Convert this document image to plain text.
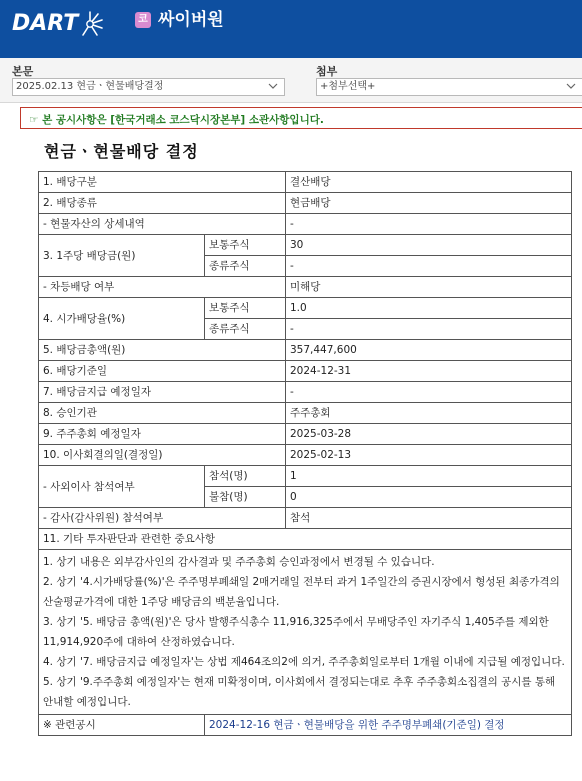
DART	코 싸이버원
본문
2025.02.13 현금ㆍ현물배당결정
첨부
+첨부선택+
☞ 본 공시사항은 [한국거래소 코스닥시장본부] 소관사항입니다.
현금ㆍ현물배당 결정
1. 배당구분		결산배당
2. 배당종류		현금배당
- 현물자산의 상세내역		-
3. 1주당 배당금(원)	보통주식	30
	종류주식	-
- 차등배당 여부		미해당
4. 시가배당율(%)	보통주식	1.0
	종류주식	-
5. 배당금총액(원)		357,447,600
6. 배당기준일		2024-12-31
7. 배당금지급 예정일자		-
8. 승인기관		주주총회
9. 주주총회 예정일자		2025-03-28
10. 이사회결의일(결정일)		2025-02-13
- 사외이사 참석여부	참석(명)	1
	불참(명)	0
- 감사(감사위원) 참석여부		참석
11. 기타 투자판단과 관련한 중요사항		

1. 상기 내용은 외부감사인의 감사결과 및 주주총회 승인과정에서 변경될 수 있습니다.
2. 상기 '4.시가배당률(%)'은 주주명부폐쇄일 2매거래일 전부터 과거 1주일간의 증권시장에서 형성된 최종가격의 산술평균가격에 대한 1주당 배당금의 백분율입니다.
3. 상기 '5. 배당금 총액(원)'은 당사 발행주식총수 11,916,325주에서 무배당주인 자기주식 1,405주를 제외한 11,914,920주에 대하여 산정하였습니다.
4. 상기 '7. 배당금지급 예정일자'는 상법 제464조의2에 의거, 주주총회일로부터 1개월 이내에 지급될 예정입니다.
5. 상기 '9.주주총회 예정일자'는 현재 미확정이며, 이사회에서 결정되는대로 추후 주주총회소집결의 공시를 통해 안내할 예정입니다.		

※ 관련공시	2024-12-16 현금ㆍ현물배당을 위한 주주명부폐쇄(기준일) 결정	
